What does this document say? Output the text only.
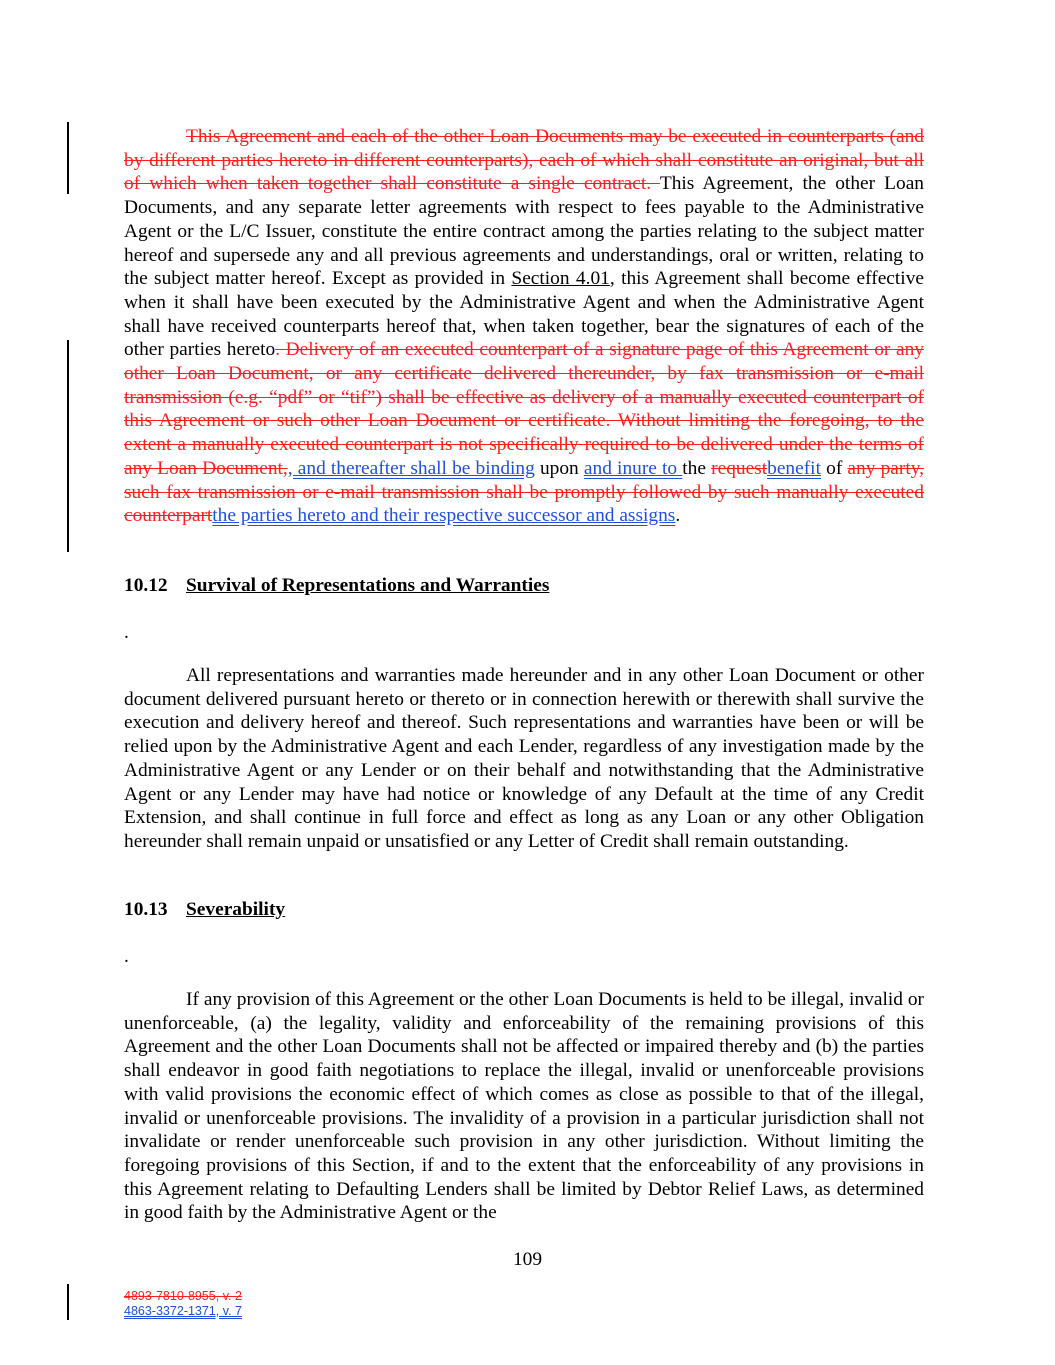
This Agreement and each of the other Loan Documents may be executed in counterparts (and by different parties hereto in different counterparts), each of which shall constitute an original, but all of which when taken together shall constitute a single contract. This Agreement, the other Loan Documents, and any separate letter agreements with respect to fees payable to the Administrative Agent or the L/C Issuer, constitute the entire contract among the parties relating to the subject matter hereof and supersede any and all previous agreements and understandings, oral or written, relating to the subject matter hereof. Except as provided in Section 4.01, this Agreement shall become effective when it shall have been executed by the Administrative Agent and when the Administrative Agent shall have received counterparts hereof that, when taken together, bear the signatures of each of the other parties hereto. Delivery of an executed counterpart of a signature page of this Agreement or any other Loan Document, or any certificate delivered thereunder, by fax transmission or e-mail transmission (e.g. “pdf” or “tif”) shall be effective as delivery of a manually executed counterpart of this Agreement or such other Loan Document or certificate. Without limiting the foregoing, to the extent a manually executed counterpart is not specifically required to be delivered under the terms of any Loan Document,, and thereafter shall be binding upon and inure to the requestbenefit of any party, such fax transmission or e-mail transmission shall be promptly followed by such manually executed counterpartthe parties hereto and their respective successor and assigns.

10.12 Survival of Representations and Warranties
.

All representations and warranties made hereunder and in any other Loan Document or other document delivered pursuant hereto or thereto or in connection herewith or therewith shall survive the execution and delivery hereof and thereof. Such representations and warranties have been or will be relied upon by the Administrative Agent and each Lender, regardless of any investigation made by the Administrative Agent or any Lender or on their behalf and notwithstanding that the Administrative Agent or any Lender may have had notice or knowledge of any Default at the time of any Credit Extension, and shall continue in full force and effect as long as any Loan or any other Obligation hereunder shall remain unpaid or unsatisfied or any Letter of Credit shall remain outstanding.

10.13 Severability
.

If any provision of this Agreement or the other Loan Documents is held to be illegal, invalid or unenforceable, (a) the legality, validity and enforceability of the remaining provisions of this Agreement and the other Loan Documents shall not be affected or impaired thereby and (b) the parties shall endeavor in good faith negotiations to replace the illegal, invalid or unenforceable provisions with valid provisions the economic effect of which comes as close as possible to that of the illegal, invalid or unenforceable provisions. The invalidity of a provision in a particular jurisdiction shall not invalidate or render unenforceable such provision in any other jurisdiction. Without limiting the foregoing provisions of this Section, if and to the extent that the enforceability of any provisions in this Agreement relating to Defaulting Lenders shall be limited by Debtor Relief Laws, as determined in good faith by the Administrative Agent or the

109
4893-7810-8955, v. 2
4863-3372-1371, v. 7
